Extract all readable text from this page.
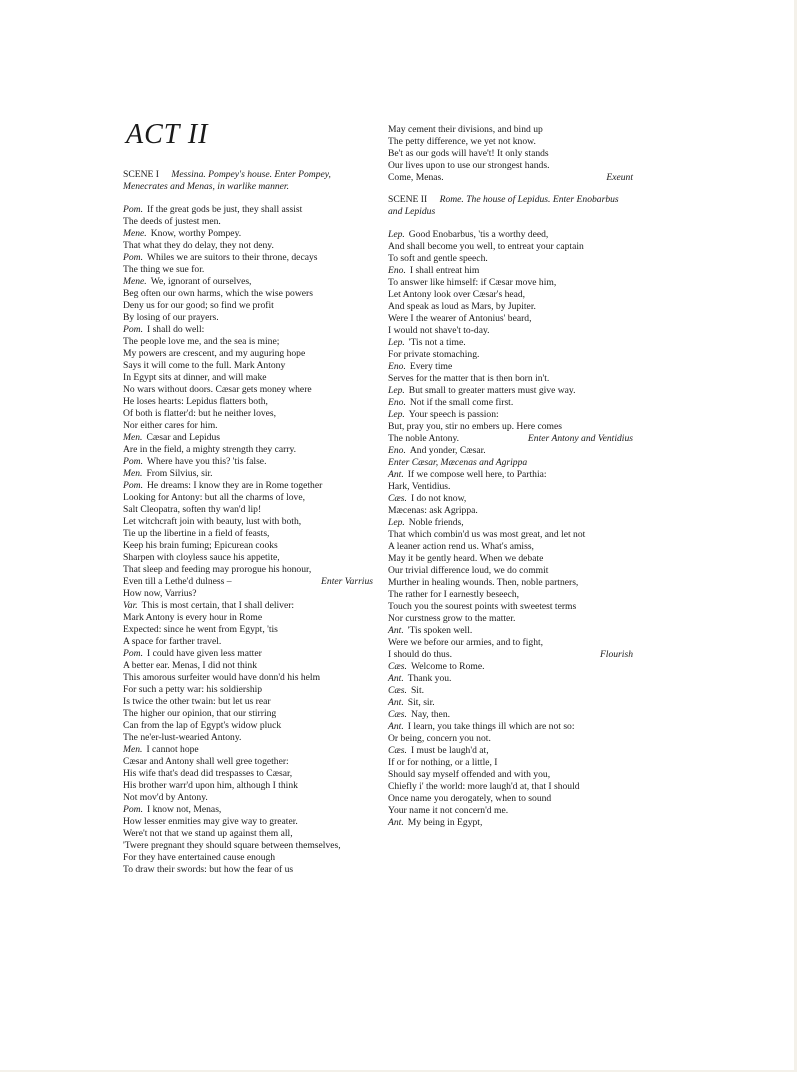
ACT II
SCENE I Messina. Pompey's house. Enter Pompey, Menecrates and Menas, in warlike manner.
Pom. If the great gods be just, they shall assist
The deeds of justest men.
Mene. Know, worthy Pompey.
That what they do delay, they not deny.
Pom. Whiles we are suitors to their throne, decays
The thing we sue for.
Mene. We, ignorant of ourselves,
Beg often our own harms, which the wise powers
Deny us for our good; so find we profit
By losing of our prayers.
Pom. I shall do well:
The people love me, and the sea is mine;
My powers are crescent, and my auguring hope
Says it will come to the full. Mark Antony
In Egypt sits at dinner, and will make
No wars without doors. Cæsar gets money where
He loses hearts: Lepidus flatters both,
Of both is flatter'd: but he neither loves,
Nor either cares for him.
Men. Cæsar and Lepidus
Are in the field, a mighty strength they carry.
Pom. Where have you this? 'tis false.
Men. From Silvius, sir.
Pom. He dreams: I know they are in Rome together
Looking for Antony: but all the charms of love,
Salt Cleopatra, soften thy wan'd lip!
Let witchcraft join with beauty, lust with both,
Tie up the libertine in a field of feasts,
Keep his brain fuming; Epicurean cooks
Sharpen with cloyless sauce his appetite,
That sleep and feeding may prorogue his honour,
Even till a Lethe'd dulness –	Enter Varrius
How now, Varrius?
Var. This is most certain, that I shall deliver:
Mark Antony is every hour in Rome
Expected: since he went from Egypt, 'tis
A space for farther travel.
Pom. I could have given less matter
A better ear. Menas, I did not think
This amorous surfeiter would have donn'd his helm
For such a petty war: his soldiership
Is twice the other twain: but let us rear
The higher our opinion, that our stirring
Can from the lap of Egypt's widow pluck
The ne'er-lust-wearied Antony.
Men. I cannot hope
Cæsar and Antony shall well gree together:
His wife that's dead did trespasses to Cæsar,
His brother warr'd upon him, although I think
Not mov'd by Antony.
Pom. I know not, Menas,
How lesser enmities may give way to greater.
Were't not that we stand up against them all,
'Twere pregnant they should square between themselves,
For they have entertained cause enough
To draw their swords: but how the fear of us
May cement their divisions, and bind up
The petty difference, we yet not know.
Be't as our gods will have't! It only stands
Our lives upon to use our strongest hands.
Come, Menas.	Exeunt
SCENE II Rome. The house of Lepidus. Enter Enobarbus and Lepidus
Lep. Good Enobarbus, 'tis a worthy deed,
And shall become you well, to entreat your captain
To soft and gentle speech.
Eno. I shall entreat him
To answer like himself: if Cæsar move him,
Let Antony look over Cæsar's head,
And speak as loud as Mars, by Jupiter.
Were I the wearer of Antonius' beard,
I would not shave't to-day.
Lep. 'Tis not a time.
For private stomaching.
Eno. Every time
Serves for the matter that is then born in't.
Lep. But small to greater matters must give way.
Eno. Not if the small come first.
Lep. Your speech is passion:
But, pray you, stir no embers up. Here comes
The noble Antony.	Enter Antony and Ventidius
Eno. And yonder, Cæsar.
Enter Cæsar, Mæcenas and Agrippa
Ant. If we compose well here, to Parthia:
Hark, Ventidius.
Cæs. I do not know,
Mæcenas: ask Agrippa.
Lep. Noble friends,
That which combin'd us was most great, and let not
A leaner action rend us. What's amiss,
May it be gently heard. When we debate
Our trivial difference loud, we do commit
Murther in healing wounds. Then, noble partners,
The rather for I earnestly beseech,
Touch you the sourest points with sweetest terms
Nor curstness grow to the matter.
Ant. 'Tis spoken well.
Were we before our armies, and to fight,
I should do thus.	Flourish
Cæs. Welcome to Rome.
Ant. Thank you.
Cæs. Sit.
Ant. Sit, sir.
Cæs. Nay, then.
Ant. I learn, you take things ill which are not so:
Or being, concern you not.
Cæs. I must be laugh'd at,
If or for nothing, or a little, I
Should say myself offended and with you,
Chiefly i' the world: more laugh'd at, that I should
Once name you derogately, when to sound
Your name it not concern'd me.
Ant. My being in Egypt,
